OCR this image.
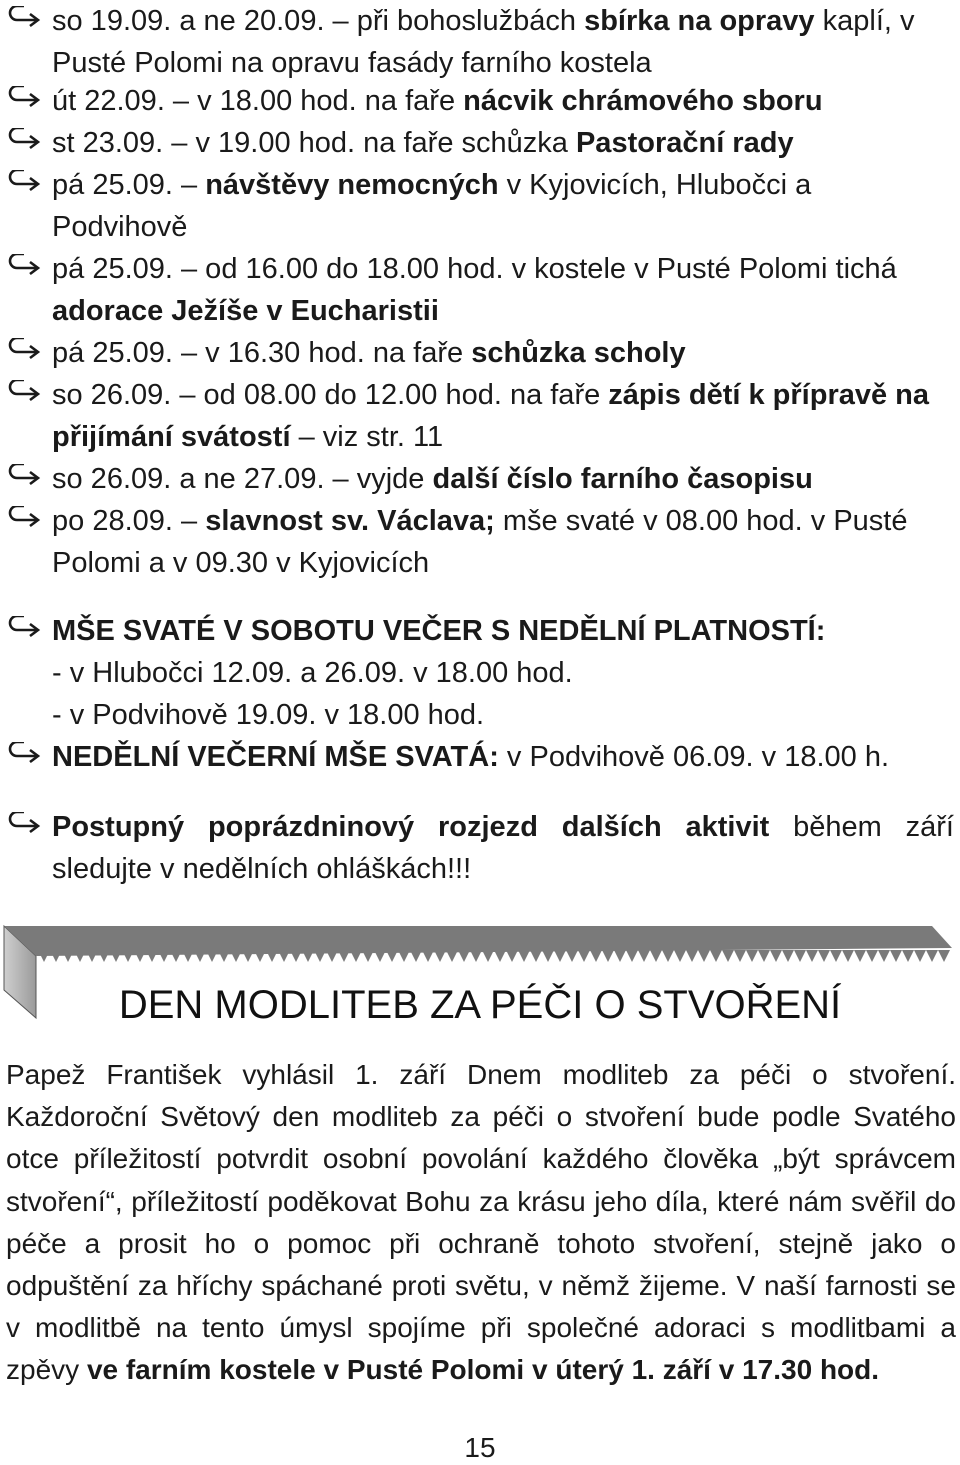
so 19.09. a ne 20.09. – při bohoslužbách sbírka na opravy kaplí, v Pusté Polomi na opravu fasády farního kostela
út 22.09. – v 18.00 hod. na faře nácvik chrámového sboru
st 23.09. – v 19.00 hod. na faře schůzka Pastorační rady
pá 25.09. – návštěvy nemocných v Kyjovicích, Hlubočci a Podvihově
pá 25.09. – od 16.00 do 18.00 hod. v kostele v Pusté Polomi tichá adorace Ježíše v Eucharistii
pá 25.09. – v 16.30 hod. na faře schůzka scholy
so 26.09. – od 08.00 do 12.00 hod. na faře zápis dětí k přípravě na přijímání svátostí – viz str. 11
so 26.09. a ne 27.09. – vyjde další číslo farního časopisu
po 28.09. – slavnost sv. Václava; mše svaté v 08.00 hod. v Pusté Polomi a v 09.30 v Kyjovicích
MŠE SVATÉ V SOBOTU VEČER S NEDĚLNÍ PLATNOSTÍ:
- v Hlubočci 12.09. a 26.09. v 18.00 hod.
- v Podvihově 19.09. v 18.00 hod.
NEDĚLNÍ VEČERNÍ MŠE SVATÁ: v Podvihově 06.09. v 18.00 h.
Postupný poprázdninový rozjezd dalších aktivit během září sledujte v nedělních ohláškách!!!
DEN MODLITEB ZA PÉČI O STVOŘENÍ
Papež František vyhlásil 1. září Dnem modliteb za péči o stvoření. Každoroční Světový den modliteb za péči o stvoření bude podle Svatého otce příležitostí potvrdit osobní povolání každého člověka „být správcem stvoření“, příležitostí poděkovat Bohu za krásu jeho díla, které nám svěřil do péče a prosit ho o pomoc při ochraně tohoto stvoření, stejně jako o odpuštění za hříchy spáchané proti světu, v němž žijeme. V naší farnosti se v modlitbě na tento úmysl spojíme při společné adoraci s modlitbami a zpěvy ve farním kostele v Pusté Polomi v úterý 1. září v 17.30 hod.
15
